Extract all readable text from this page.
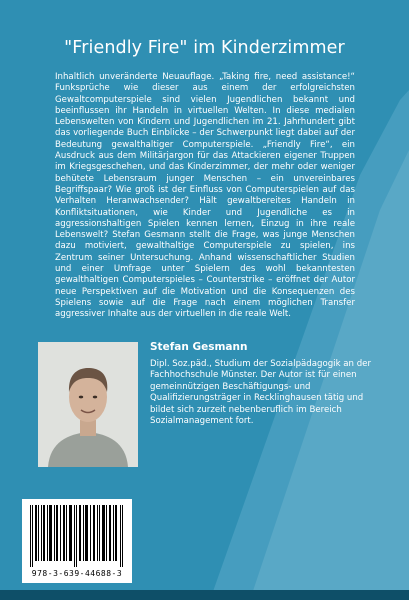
"Friendly Fire" im Kinderzimmer

Inhaltlich unveränderte Neuauflage. „Taking fire, need assistance!“ Funksprüche wie dieser aus einem der erfolgreichsten Gewaltcomputerspiele sind vielen Jugendlichen bekannt und beeinflussen ihr Handeln in virtuellen Welten. In diese medialen Lebenswelten von Kindern und Jugendlichen im 21. Jahrhundert gibt das vorliegende Buch Einblicke – der Schwerpunkt liegt dabei auf der Bedeutung gewalthaltiger Computerspiele. „Friendly Fire“, ein Ausdruck aus dem Militärjargon für das Attackieren eigener Truppen im Kriegsgeschehen, und das Kinderzimmer, der mehr oder weniger behütete Lebensraum junger Menschen – ein unvereinbares Begriffspaar? Wie groß ist der Einfluss von Computerspielen auf das Verhalten Heranwachsender? Hält gewaltbereites Handeln in Konfliktsituationen, wie Kinder und Jugendliche es in aggressionshaltigen Spielen kennen lernen, Einzug in ihre reale Lebenswelt? Stefan Gesmann stellt die Frage, was junge Menschen dazu motiviert, gewalthaltige Computerspiele zu spielen, ins Zentrum seiner Untersuchung. Anhand wissenschaftlicher Studien und einer Umfrage unter Spielern des wohl bekanntesten gewalthaltigen Computerspieles – Counterstrike – eröffnet der Autor neue Perspektiven auf die Motivation und die Konsequenzen des Spielens sowie auf die Frage nach einem möglichen Transfer aggressiver Inhalte aus der virtuellen in die reale Welt.

Stefan Gesmann

Dipl. Soz.päd., Studium der Sozialpädagogik an der Fachhochschule Münster. Der Autor ist für einen gemeinnützigen Beschäftigungs- und Qualifizierungsträger in Recklinghausen tätig und bildet sich zurzeit nebenberuflich im Bereich Sozialmanagement fort.

978-3-639-44688-3
